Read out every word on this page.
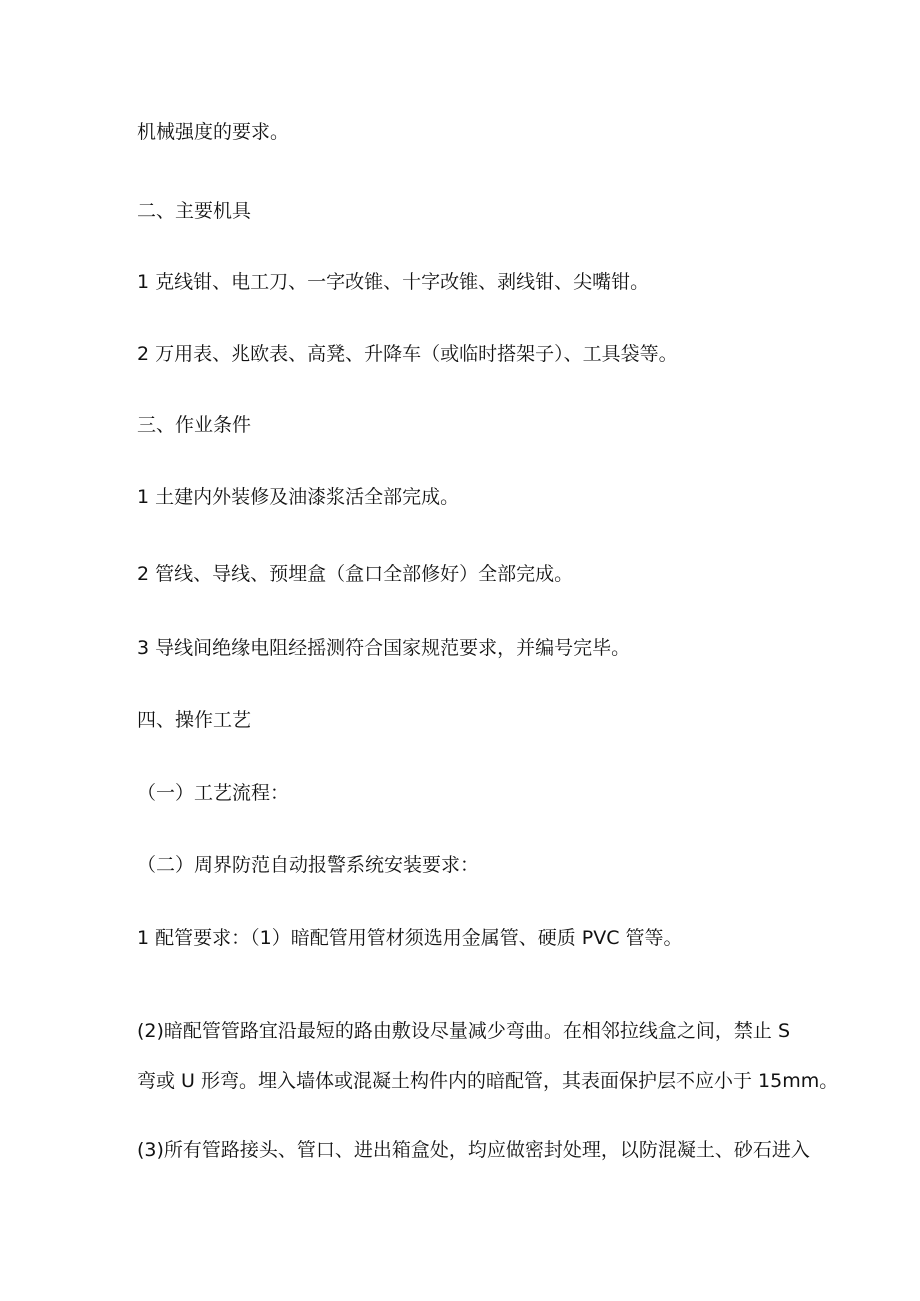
机械强度的要求。

二、主要机具

1 克线钳、电工刀、一字改锥、十字改锥、剥线钳、尖嘴钳。

2 万用表、兆欧表、高凳、升降车（或临时搭架子）、工具袋等。

三、作业条件

1 土建内外装修及油漆浆活全部完成。

2 管线、导线、预埋盒（盒口全部修好）全部完成。

3 导线间绝缘电阻经摇测符合国家规范要求，并编号完毕。

四、操作工艺

（一）工艺流程：

（二）周界防范自动报警系统安装要求：

1 配管要求：（1）暗配管用管材须选用金属管、硬质 PVC 管等。

(2)暗配管管路宜沿最短的路由敷设尽量减少弯曲。在相邻拉线盒之间，禁止 S

弯或 U 形弯。埋入墙体或混凝土构件内的暗配管，其表面保护层不应小于 15mm。

(3)所有管路接头、管口、进出箱盒处，均应做密封处理，以防混凝土、砂石进入
